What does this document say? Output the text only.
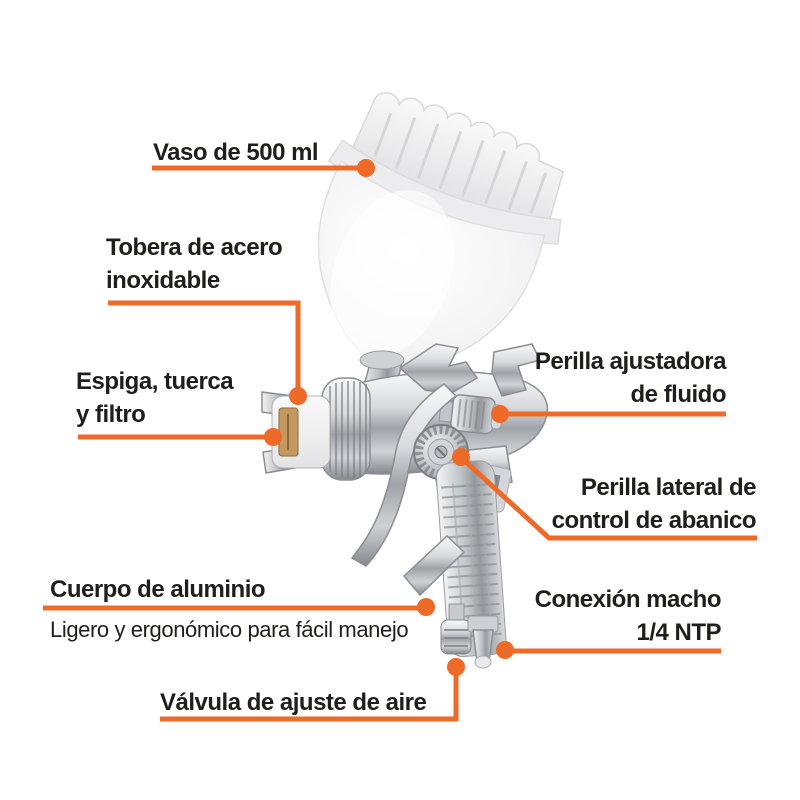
Vaso de 500 ml
Tobera de acero
inoxidable
Espiga, tuerca
y filtro
Perilla ajustadora
de fluido
Perilla lateral de
control de abanico
Cuerpo de aluminio
Ligero y ergonómico para fácil manejo
Conexión macho
1/4 NTP
Válvula de ajuste de aire
